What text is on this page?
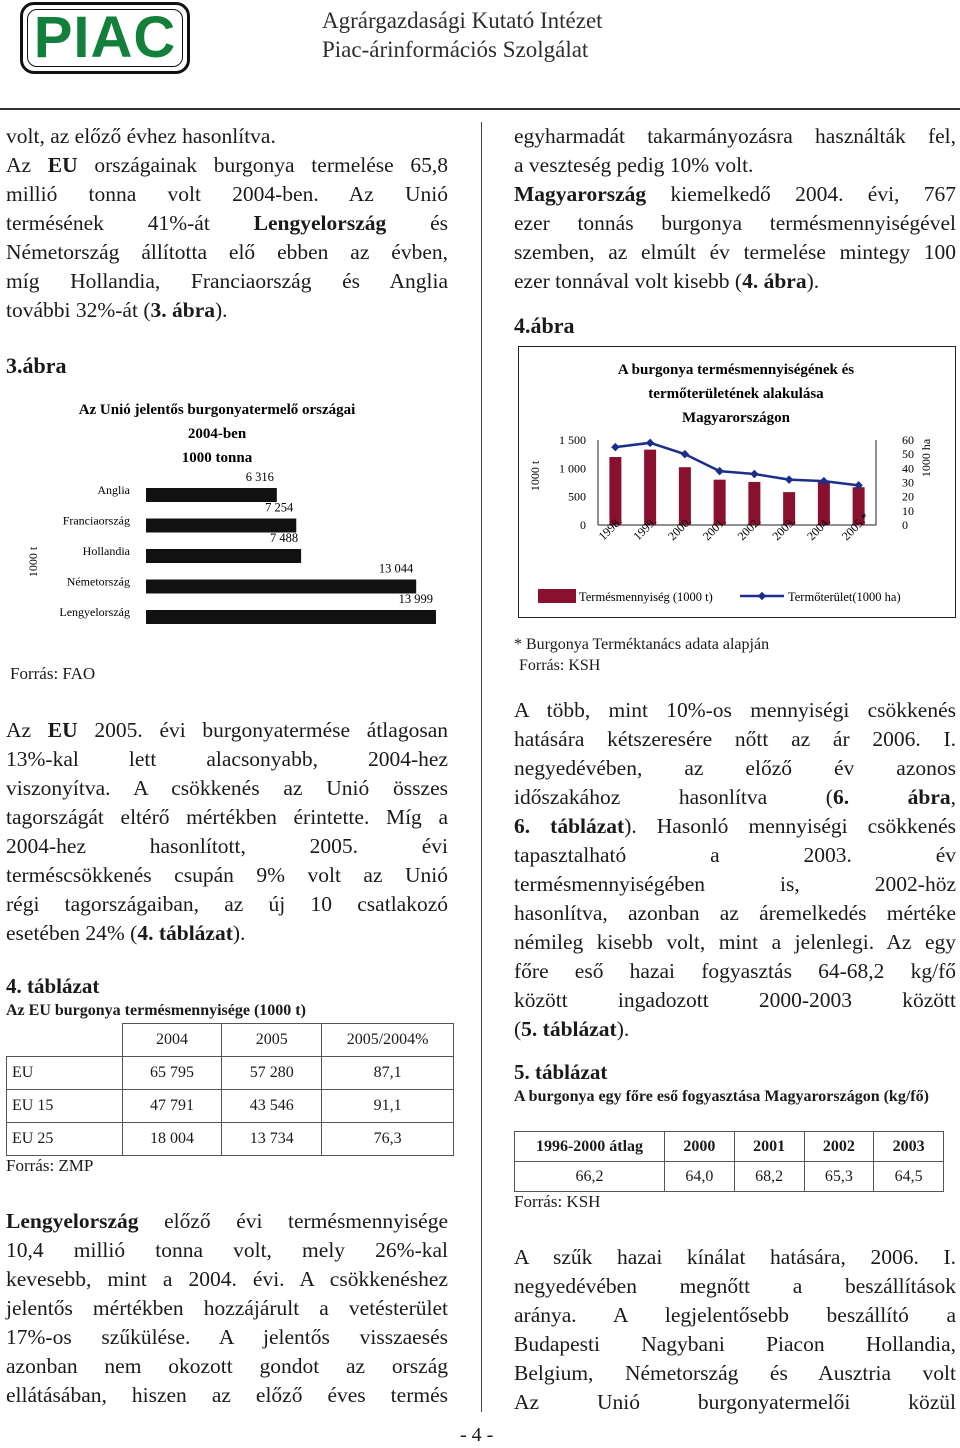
PIAC	Agrárgazdasági Kutató Intézet
Piac-árinformációs Szolgálat

volt, az előző évhez hasonlítva.

Az EU országainak burgonya termelése 65,8

millió tonna volt 2004-ben. Az Unió

termésének 41%-át Lengyelország és

Németország állította elő ebben az évben,

míg Hollandia, Franciaország és Anglia

további 32%-át (3. ábra).

3.ábra
Az Unió jelentős burgonyatermelő országai
2004-ben
1000 tonna
1000 t
Anglia
Franciaország
Hollandia
Németország
Lengyelország
6 316
7 254
7 488
13 044
13 999
Forrás: FAO

Az EU 2005. évi burgonyatermése átlagosan

13%-kal lett alacsonyabb, 2004-hez

viszonyítva. A csökkenés az Unió összes

tagországát eltérő mértékben érintette. Míg a

2004-hez hasonlított, 2005. évi

terméscsökkenés csupán 9% volt az Unió

régi tagországaiban, az új 10 csatlakozó

esetében 24% (4. táblázat).

4. táblázat
Az EU burgonya termésmennyisége (1000 t)
	2004	2005	2005/2004%
EU	65 795	57 280	87,1
EU 15	47 791	43 546	91,1
EU 25	18 004	13 734	76,3
Forrás: ZMP

Lengyelország előző évi termésmennyisége

10,4 millió tonna volt, mely 26%-kal

kevesebb, mint a 2004. évi. A csökkenéshez

jelentős mértékben hozzájárult a vetésterület

17%-os szűkülése. A jelentős visszaesés

azonban nem okozott gondot az ország

ellátásában, hiszen az előző éves termés

egyharmadát takarmányozásra használták fel,

a veszteség pedig 10% volt.

Magyarország kiemelkedő 2004. évi, 767

ezer tonnás burgonya termésmennyiségével

szemben, az elmúlt év termelése mintegy 100

ezer tonnával volt kisebb (4. ábra).

4.ábra
A burgonya termésmennyiségének és
termőterületének alakulása
Magyarországon
1000 t	1000 ha
1 500
1 000
500
0
60
50
40
30
20
10
0
1998. 1999. 2000. 2001. 2002. 2003. 2004. 2005.*
Termésmennyiség (1000 t)	Termőterület(1000 ha)
* Burgonya Terméktanács adata alapján
Forrás: KSH

A több, mint 10%-os mennyiségi csökkenés

hatására kétszeresére nőtt az ár 2006. I.

negyedévében, az előző év azonos

időszakához hasonlítva (6. ábra,

6. táblázat). Hasonló mennyiségi csökkenés

tapasztalható a 2003. év

termésmennyiségében is, 2002-höz

hasonlítva, azonban az áremelkedés mértéke

némileg kisebb volt, mint a jelenlegi. Az egy

főre eső hazai fogyasztás 64-68,2 kg/fő

között ingadozott 2000-2003 között

(5. táblázat).

5. táblázat
A burgonya egy főre eső fogyasztása Magyarországon (kg/fő)
1996-2000 átlag	2000	2001	2002	2003
66,2	64,0	68,2	65,3	64,5
Forrás: KSH

A szűk hazai kínálat hatására, 2006. I.

negyedévében megnőtt a beszállítások

aránya. A legjelentősebb beszállító a

Budapesti Nagybani Piacon Hollandia,

Belgium, Németország és Ausztria volt

Az Unió burgonyatermelői közül

- 4 -
